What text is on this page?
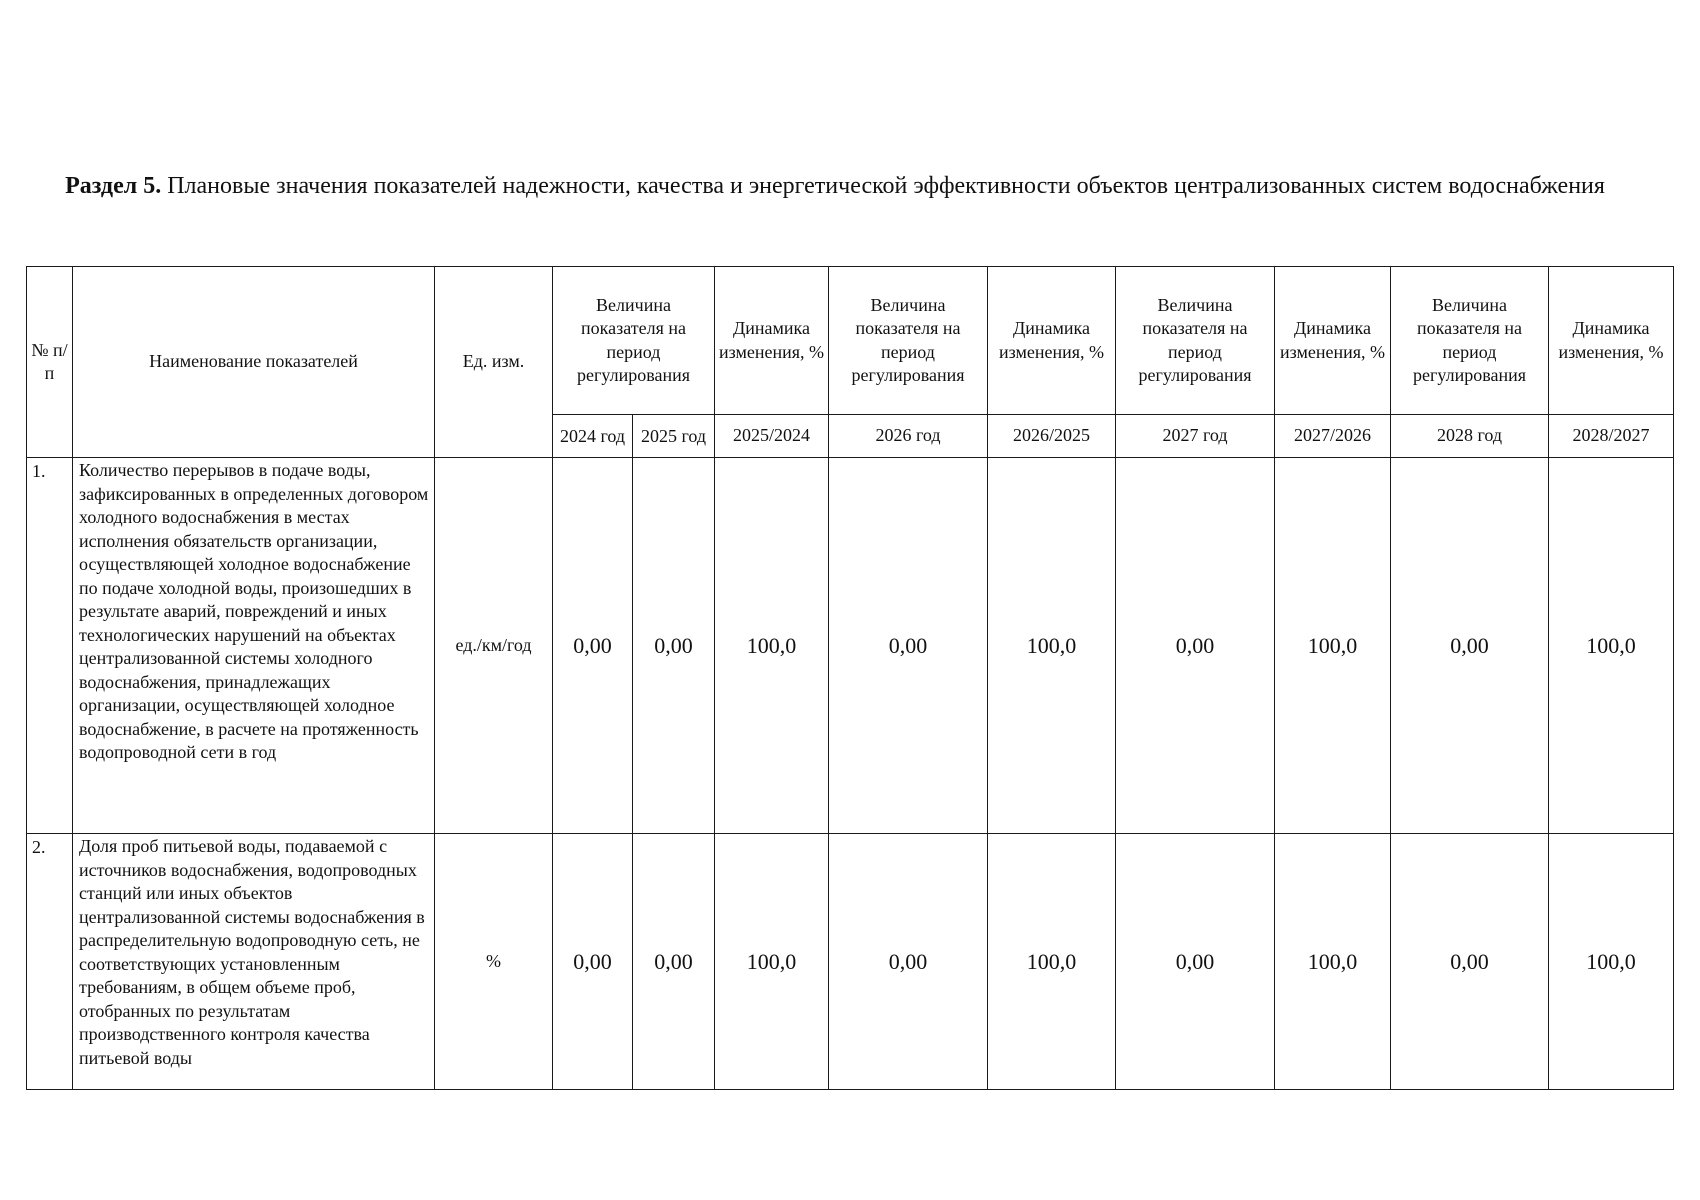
Раздел 5. Плановые значения показателей надежности, качества и энергетической эффективности объектов централизованных систем водоснабжения
№ п/п	Наименование показателей	Ед. изм.	Величина показателя на период регулирования		Динамика изменения, %	Величина показателя на период регулирования	Динамика изменения, %	Величина показателя на период регулирования	Динамика изменения, %	Величина показателя на период регулирования	Динамика изменения, %
			2024 год	2025 год	2025/2024	2026 год	2026/2025	2027 год	2027/2026	2028 год	2028/2027
1.	Количество перерывов в подаче воды, зафиксированных в определенных договором холодного водоснабжения в местах исполнения обязательств организации, осуществляющей холодное водоснабжение по подаче холодной воды, произошедших в результате аварий, повреждений и иных технологических нарушений на объектах централизованной системы холодного водоснабжения, принадлежащих организации, осуществляющей холодное водоснабжение, в расчете на протяженность водопроводной сети в год	ед./км/год	0,00	0,00	100,0	0,00	100,0	0,00	100,0	0,00	100,0
2.	Доля проб питьевой воды, подаваемой с источников водоснабжения, водопроводных станций или иных объектов централизованной системы водоснабжения в распределительную водопроводную сеть, не соответствующих установленным требованиям, в общем объеме проб, отобранных по результатам производственного контроля качества питьевой воды	%	0,00	0,00	100,0	0,00	100,0	0,00	100,0	0,00	100,0
